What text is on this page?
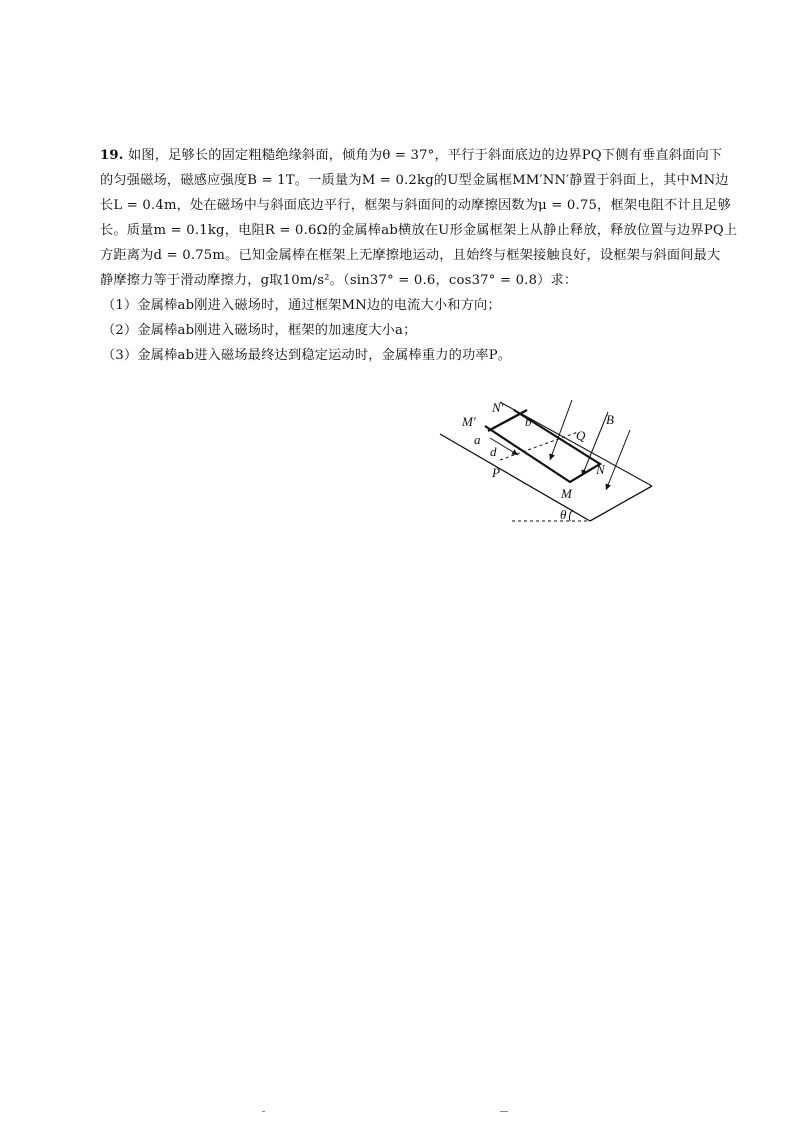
19. 如图，足够长的固定粗糙绝缘斜面，倾角为θ = 37°，平行于斜面底边的边界PQ下侧有垂直斜面向下
的匀强磁场，磁感应强度B = 1T。一质量为M = 0.2kg的U型金属框MM′NN′静置于斜面上，其中MN边
长L = 0.4m，处在磁场中与斜面底边平行，框架与斜面间的动摩擦因数为μ = 0.75，框架电阻不计且足够
长。质量m = 0.1kg，电阻R = 0.6Ω的金属棒ab横放在U形金属框架上从静止释放，释放位置与边界PQ上
方距离为d = 0.75m。已知金属棒在框架上无摩擦地运动，且始终与框架接触良好，设框架与斜面间最大
静摩擦力等于滑动摩擦力，g取10m/s²。（sin37° = 0.6，cos37° = 0.8）求：
（1）金属棒ab刚进入磁场时，通过框架MN边的电流大小和方向；
（2）金属棒ab刚进入磁场时，框架的加速度大小a；
（3）金属棒ab进入磁场最终达到稳定运动时，金属棒重力的功率P。
N′
M′
a
b
d
P
Q
N
M
B
θ
